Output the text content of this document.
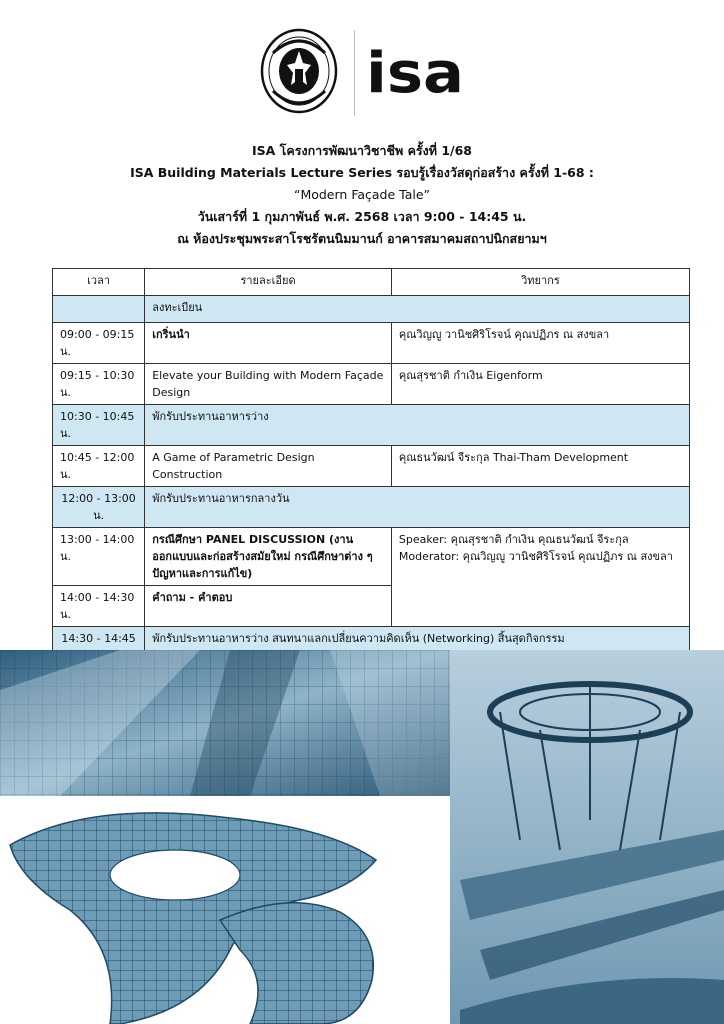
isa
ISA โครงการพัฒนาวิชาชีพ ครั้งที่ 1/68
ISA Building Materials Lecture Series รอบรู้เรื่องวัสดุก่อสร้าง ครั้งที่ 1-68 :
“Modern Façade Tale”
วันเสาร์ที่ 1 กุมภาพันธ์ พ.ศ. 2568 เวลา 9:00 - 14:45 น.
ณ ห้องประชุมพระสาโรชรัตนนิมมานก์ อาคารสมาคมสถาปนิกสยามฯ
เวลา	รายละเอียด	วิทยากร
	ลงทะเบียน	
09:00 - 09:15 น.	เกริ่นนำ	คุณวิญญู วานิชศิริโรจน์ คุณปฏิภร ณ สงขลา
09:15 - 10:30 น.	Elevate your Building with Modern Façade Design	คุณสุรชาติ กำเงิน Eigenform
10:30 - 10:45 น.	พักรับประทานอาหารว่าง	
10:45 - 12:00 น.	A Game of Parametric Design Construction	คุณธนวัฒน์ จีระกุล Thai-Tham Development
12:00 - 13:00 น.	พักรับประทานอาหารกลางวัน	
13:00 - 14:00 น.	กรณีศึกษา PANEL DISCUSSION (งานออกแบบและก่อสร้างสมัยใหม่ กรณีศึกษาต่าง ๆ ปัญหาและการแก้ไข)	Speaker: คุณสุรชาติ กำเงิน คุณธนวัฒน์ จีระกุล
Moderator: คุณวิญญู วานิชศิริโรจน์ คุณปฏิภร ณ สงขลา

14:00 - 14:30 น.	คำถาม - คำตอบ	
14:30 - 14:45	พักรับประทานอาหารว่าง สนทนาแลกเปลี่ยนความคิดเห็น (Networking) สิ้นสุดกิจกรรม	
